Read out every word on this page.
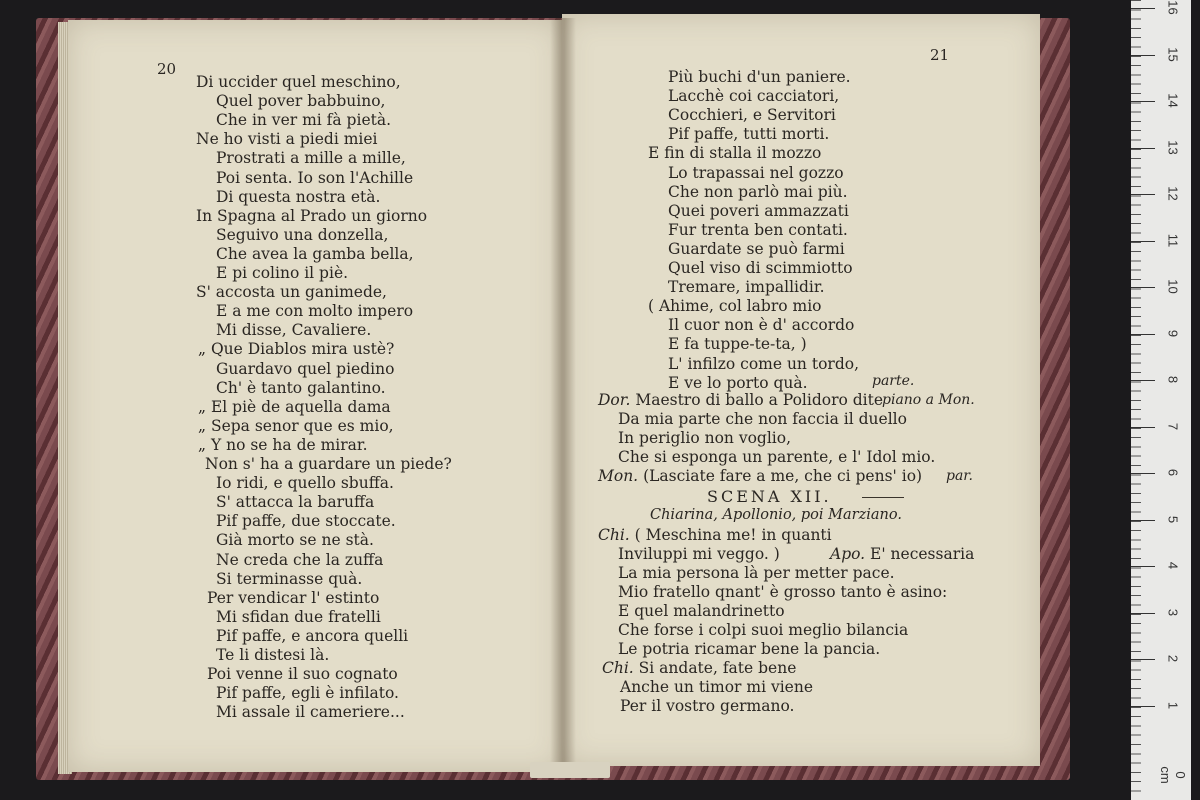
20
21
Di uccider quel meschino,
Quel pover babbuino,
Che in ver mi fà pietà.
Ne ho visti a piedi miei
Prostrati a mille a mille,
Poi senta. Io son l'Achille
Di questa nostra età.
In Spagna al Prado un giorno
Seguivo una donzella,
Che avea la gamba bella,
E pi colino il piè.
S' accosta un ganimede,
E a me con molto impero
Mi disse, Cavaliere.
„ Que Diablos mira ustè?
Guardavo quel piedino
Ch' è tanto galantino.
„ El piè de aquella dama
„ Sepa senor que es mio,
„ Y no se ha de mirar.
Non s' ha a guardare un piede?
Io ridi, e quello sbuffa.
S' attacca la baruffa
Pif paffe, due stoccate.
Già morto se ne stà.
Ne creda che la zuffa
Si terminasse quà.
Per vendicar l' estinto
Mi sfidan due fratelli
Pif paffe, e ancora quelli
Te li distesi là.
Poi venne il suo cognato
Pif paffe, egli è infilato.
Mi assale il cameriere...
Più buchi d'un paniere.
Lacchè coi cacciatori,
Cocchieri, e Servitori
Pif paffe, tutti morti.
E fin di stalla il mozzo
Lo trapassai nel gozzo
Che non parlò mai più.
Quei poveri ammazzati
Fur trenta ben contati.
Guardate se può farmi
Quel viso di scimmiotto
Tremare, impallidir.
( Ahime, col labro mio
Il cuor non è d' accordo
E fa tuppe-te-ta, )
L' infilzo come un tordo,
E ve lo porto quà.	parte.
Dor. Maestro di ballo a Polidoro dite
piano a Mon.
Da mia parte che non faccia il duello
In periglio non voglio,
Che si esponga un parente, e l' Idol mio.
Mon. (Lasciate fare a me, che ci pens' io) par.
SCENA XII.
Chiarina, Apollonio, poi Marziano.
Chi. ( Meschina me! in quanti
Inviluppi mi veggo. )	Apo. E' necessaria
La mia persona là per metter pace.
Mio fratello qnant' è grosso tanto è asino:
E quel malandrinetto
Che forse i colpi suoi meglio bilancia
Le potria ricamar bene la pancia.
Chi. Si andate, fate bene
Anche un timor mi viene
Per il vostro germano.	1
2
3
4
5
6
7
8
9
10
11
12
13
14
15
16
0 cm
